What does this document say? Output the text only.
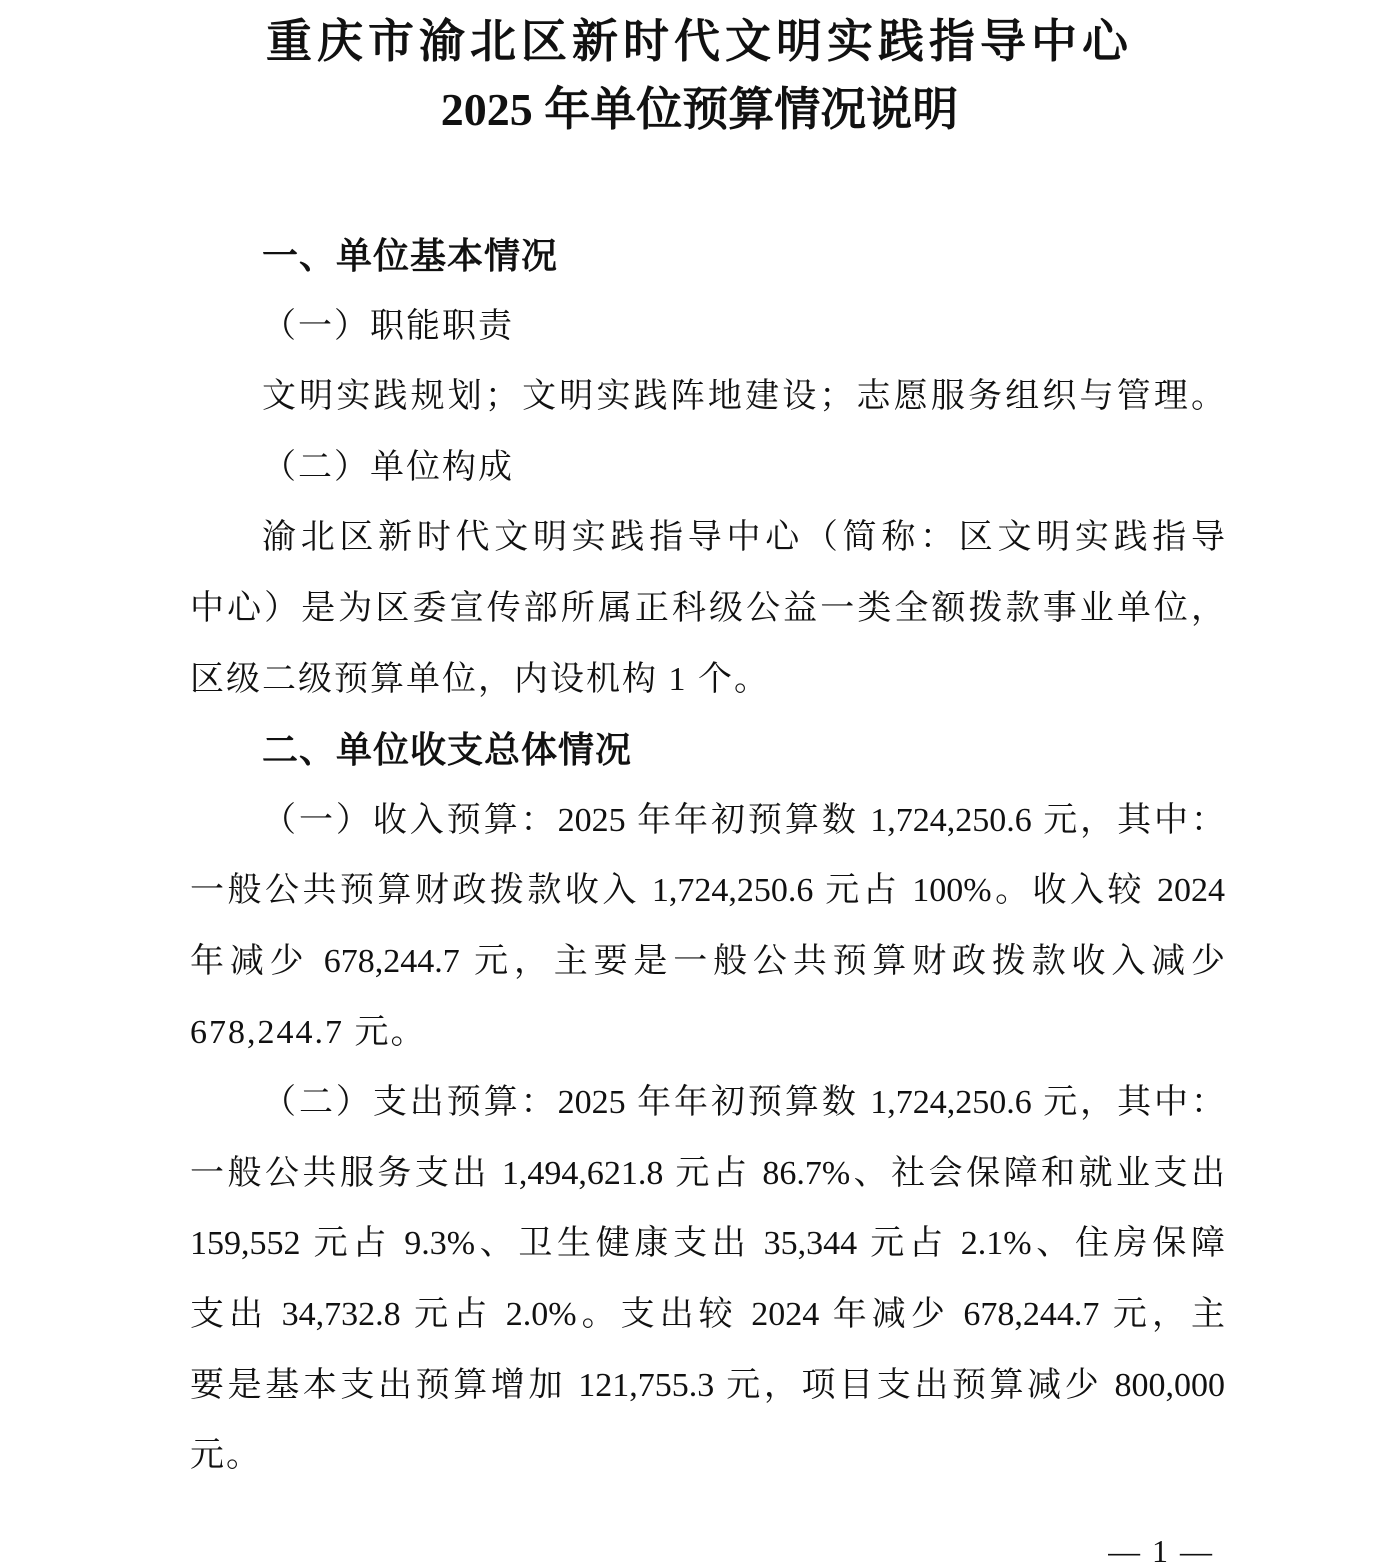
重庆市渝北区新时代文明实践指导中心
2025 年单位预算情况说明
一、单位基本情况
（一）职能职责
文明实践规划；文明实践阵地建设；志愿服务组织与管理。
（二）单位构成
渝北区新时代文明实践指导中心（简称：区文明实践指导
中心）是为区委宣传部所属正科级公益一类全额拨款事业单位，
区级二级预算单位，内设机构 1 个。
二、单位收支总体情况
（一）收入预算：2025 年年初预算数 1,724,250.6 元，其中：
一般公共预算财政拨款收入 1,724,250.6 元占 100%。收入较 2024
年减少 678,244.7 元，主要是一般公共预算财政拨款收入减少
678,244.7 元。
（二）支出预算：2025 年年初预算数 1,724,250.6 元，其中：
一般公共服务支出 1,494,621.8 元占 86.7%、社会保障和就业支出
159,552 元占 9.3%、卫生健康支出 35,344 元占 2.1%、住房保障
支出 34,732.8 元占 2.0%。支出较 2024 年减少 678,244.7 元，主
要是基本支出预算增加 121,755.3 元，项目支出预算减少 800,000
元。
— 1 —
